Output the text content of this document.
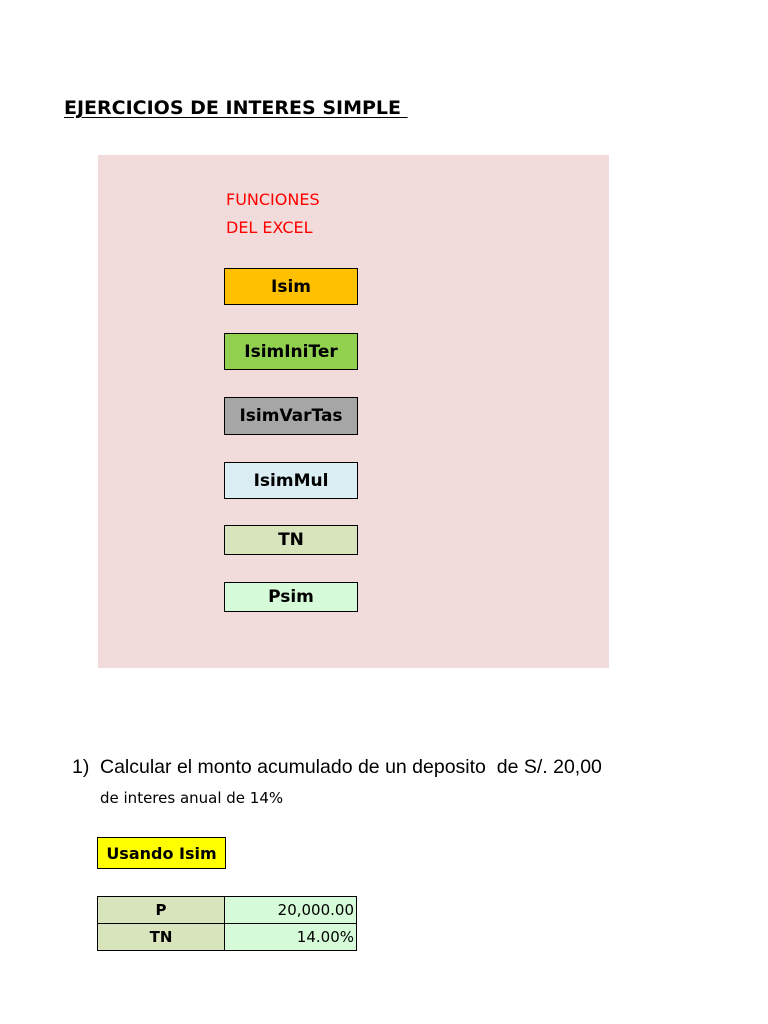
EJERCICIOS DE INTERES SIMPLE
FUNCIONES
DEL EXCEL
Isim
IsimIniTer
IsimVarTas
IsimMul
TN
Psim
1) Calcular el monto acumulado de un deposito  de S/. 20,00
de interes anual de 14%
Usando Isim
P	20,000.00
TN	14.00%
